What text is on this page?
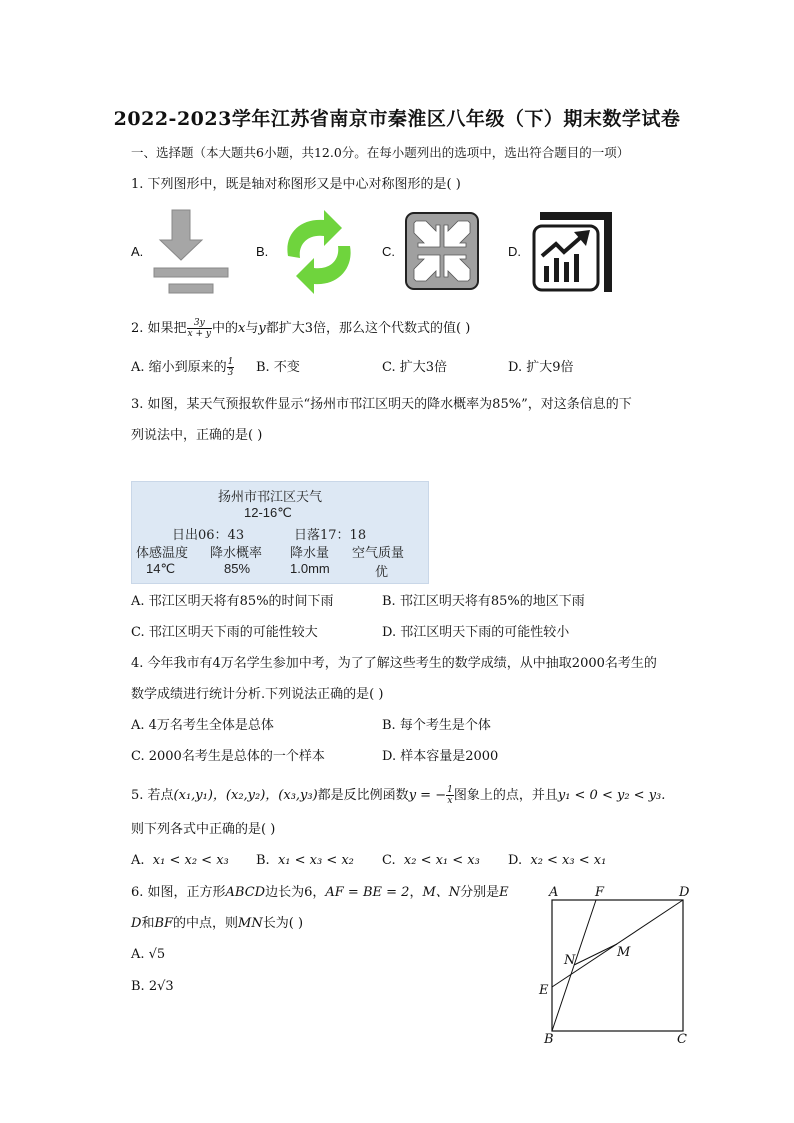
2022-2023学年江苏省南京市秦淮区八年级（下）期末数学试卷
一、选择题（本大题共6小题，共12.0分。在每小题列出的选项中，选出符合题目的一项）
1. 下列图形中，既是轴对称图形又是中心对称图形的是( )
A.	B.	C.	D.
2. 如果把 $\frac{3y}{x + y}$ 中的x与y都扩大3倍，那么这个代数式的值( )
A. 缩小到原来的 $\frac{1}{3} B$. 不变	C. 扩大3倍	D. 扩大9倍
3. 如图，某天气预报软件显示“扬州市邗江区明天的降水概率为85%”，对这条信息的下
列说法中，正确的是( )
扬州市邗江区天气
12-16℃
日出06：43	日落17：18
体感温度 降水概率 降水量 空气质量
14℃	85%	1.0mm	优
A. 邗江区明天将有85%的时间下雨	B. 邗江区明天将有85%的地区下雨
C. 邗江区明天下雨的可能性较大	D. 邗江区明天下雨的可能性较小
4. 今年我市有4万名学生参加中考，为了了解这些考生的数学成绩，从中抽取2000名考生的
数学成绩进行统计分析.下列说法正确的是( )
A. 4万名考生全体是总体	B. 每个考生是个体
C. 2000名考生是总体的一个样本	D. 样本容量是2000
5. 若点(x₁,y₁)，(x₂,y₂)，(x₃,y₃)都是反比例函数y = − $\frac{1}{x}$ 图象上的点，并且y₁ < 0 < y₂ < y₃.
则下列各式中正确的是( )
A. x₁ < x₂ < x₃ B. x₁ < x₃ < x₂ C. x₂ < x₁ < x₃ D. x₂ < x₃ < x₁
6. 如图，正方形ABCD边长为6，AF = BE = 2，M、N分别是E
D和BF的中点，则MN长为( )
A. √5
B. 2√3
A	F	D
N
M
E
B	C
